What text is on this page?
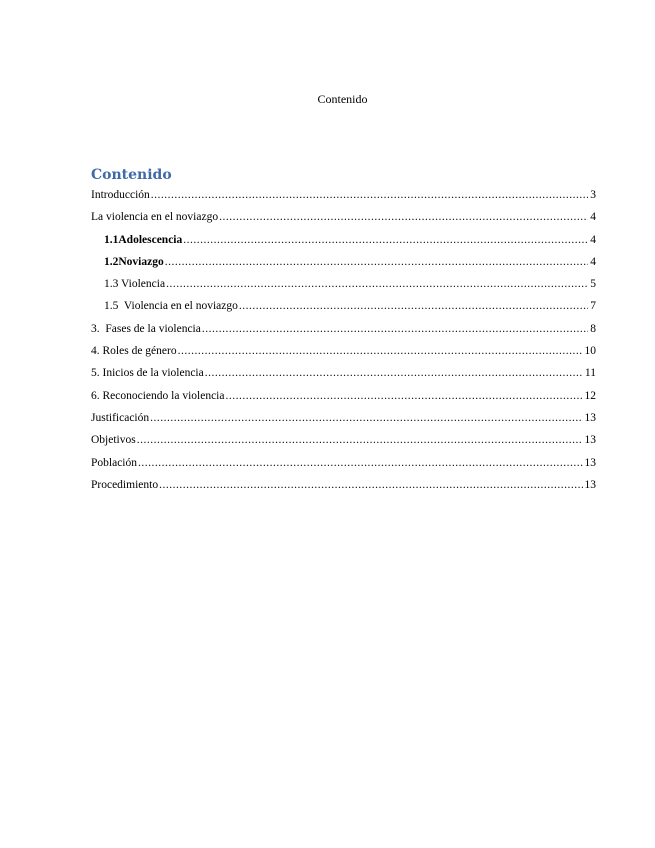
Contenido
Contenido
Introducción .....	3
La violencia en el noviazgo .....	4
1.1 Adolescencia .....	4
1.2 Noviazgo .....	4
1.3 Violencia .....	5
1.5  Violencia en el noviazgo .....	7
3.  Fases de la violencia .....	8
4. Roles de género .....	10
5. Inicios de la violencia .....	11
6. Reconociendo la violencia .....	12
Justificación .....	13
Objetivos .....	13
Población .....	13
Procedimiento .....	13
